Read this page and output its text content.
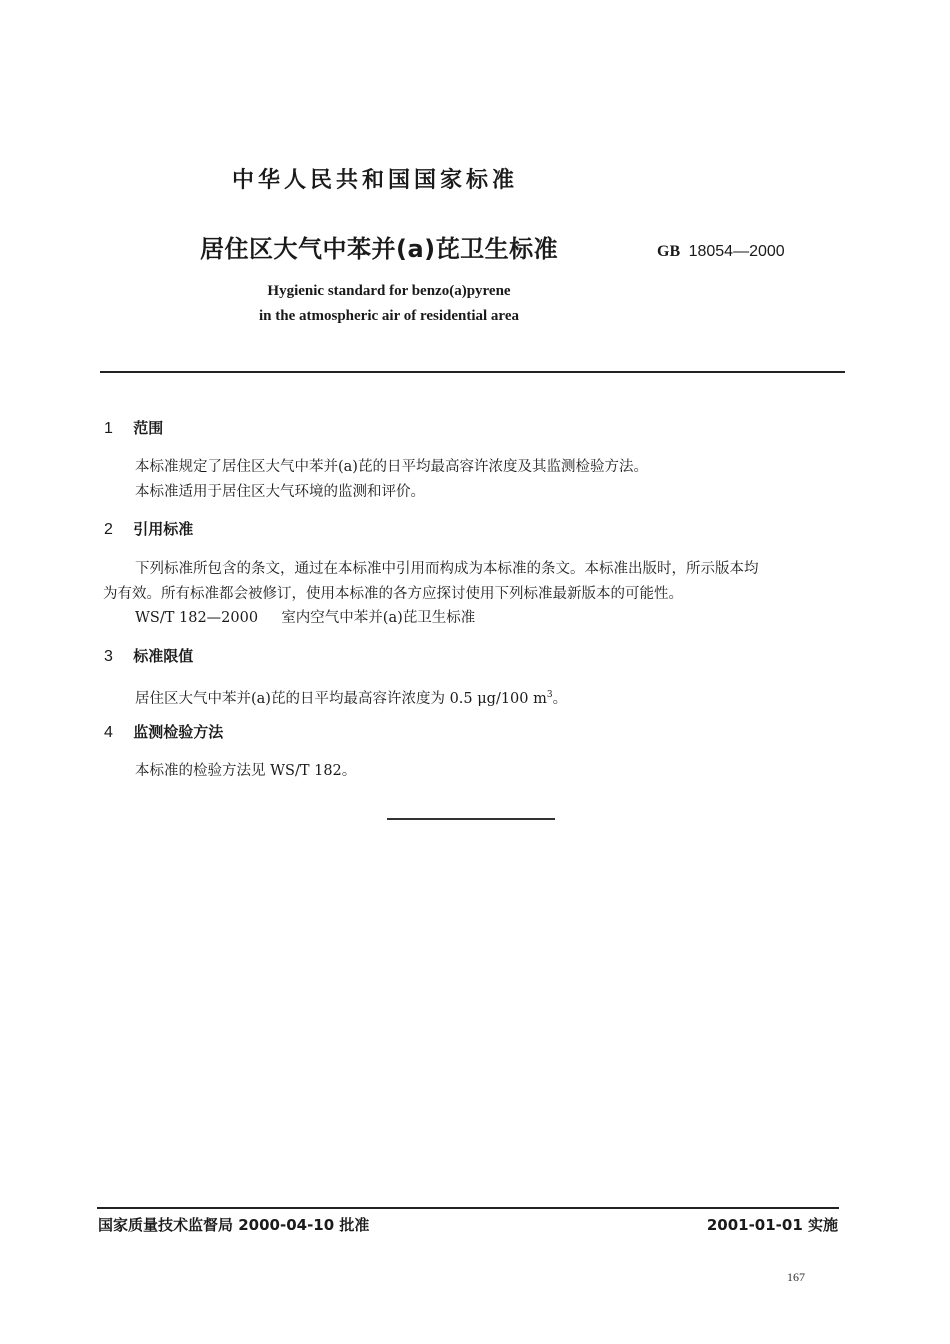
中华人民共和国国家标准
居住区大气中苯并(a)芘卫生标准	GB 18054—2000
Hygienic standard for benzo(a)pyrene
in the atmospheric air of residential area
1 范围
本标准规定了居住区大气中苯并(a)芘的日平均最高容许浓度及其监测检验方法。
本标准适用于居住区大气环境的监测和评价。
2 引用标准
下列标准所包含的条文，通过在本标准中引用而构成为本标准的条文。本标准出版时，所示版本均
为有效。所有标准都会被修订，使用本标准的各方应探讨使用下列标准最新版本的可能性。
WS/T 182—2000 室内空气中苯并(a)芘卫生标准
3 标准限值
居住区大气中苯并(a)芘的日平均最高容许浓度为 0.5 μg/100 $m^3$。
4 监测检验方法
本标准的检验方法见 WS/T 182。
国家质量技术监督局 2000-04-10 批准	2001-01-01 实施
167
